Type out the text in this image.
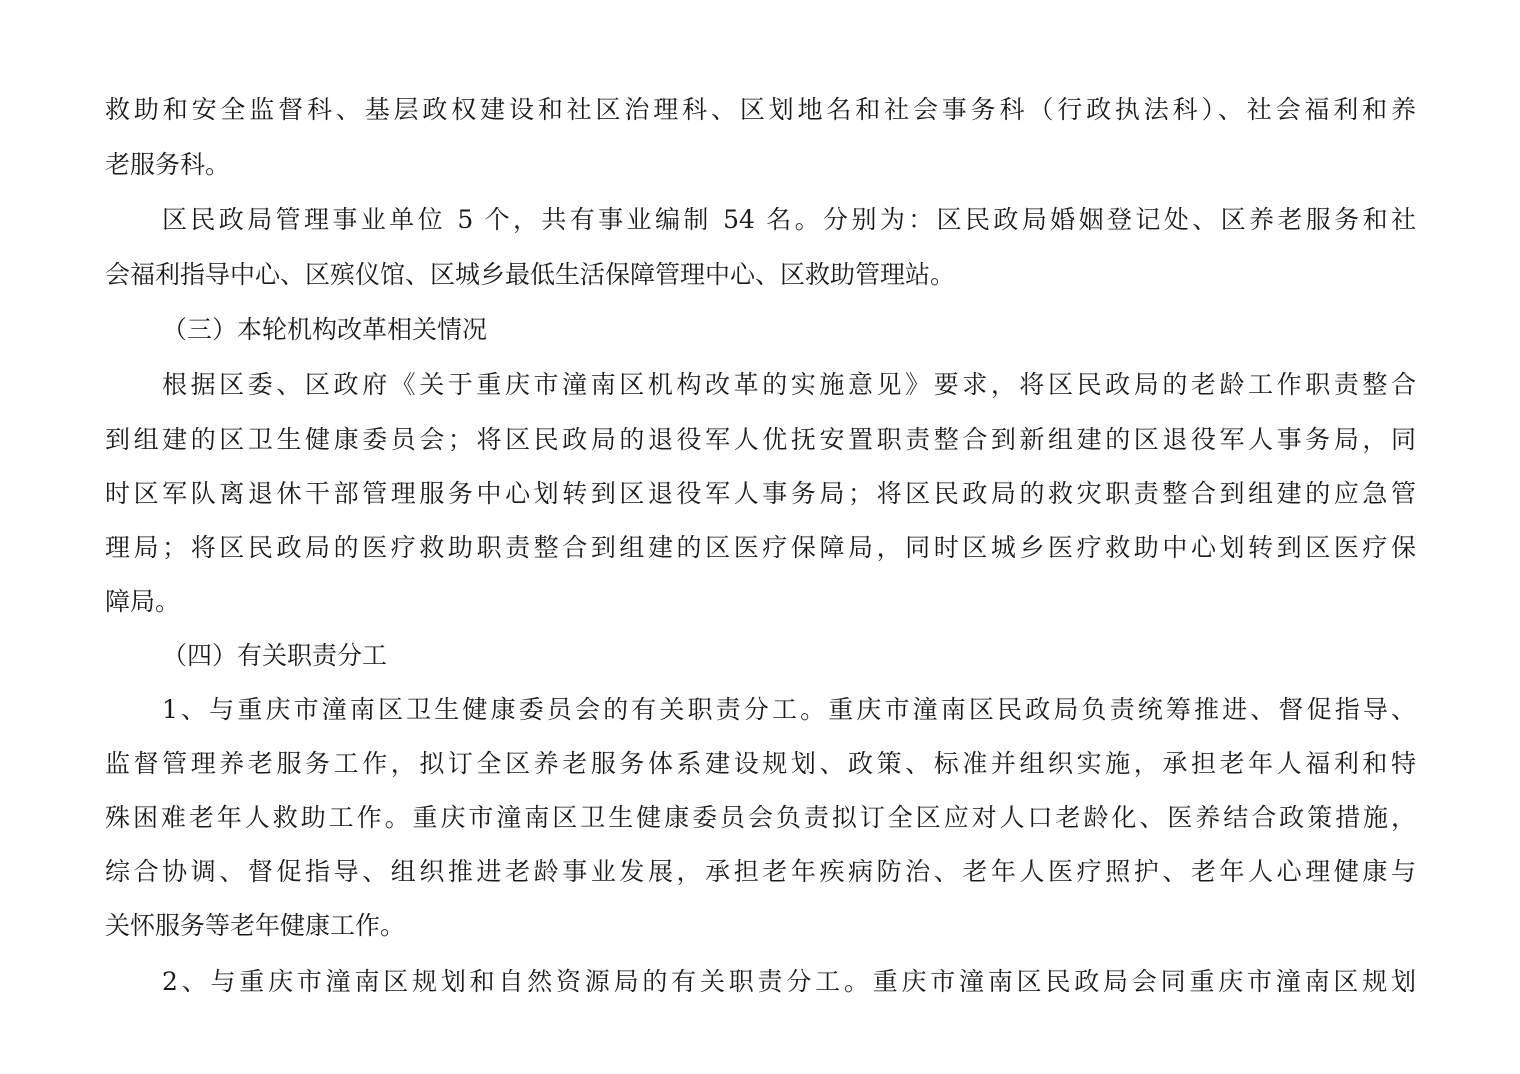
救助和安全监督科、基层政权建设和社区治理科、区划地名和社会事务科（行政执法科）、社会福利和养
老服务科。
区民政局管理事业单位 5 个，共有事业编制 54 名。分别为：区民政局婚姻登记处、区养老服务和社
会福利指导中心、区殡仪馆、区城乡最低生活保障管理中心、区救助管理站。
（三）本轮机构改革相关情况
根据区委、区政府《关于重庆市潼南区机构改革的实施意见》要求，将区民政局的老龄工作职责整合
到组建的区卫生健康委员会；将区民政局的退役军人优抚安置职责整合到新组建的区退役军人事务局，同
时区军队离退休干部管理服务中心划转到区退役军人事务局；将区民政局的救灾职责整合到组建的应急管
理局；将区民政局的医疗救助职责整合到组建的区医疗保障局，同时区城乡医疗救助中心划转到区医疗保
障局。
（四）有关职责分工
1、与重庆市潼南区卫生健康委员会的有关职责分工。重庆市潼南区民政局负责统筹推进、督促指导、
监督管理养老服务工作，拟订全区养老服务体系建设规划、政策、标准并组织实施，承担老年人福利和特
殊困难老年人救助工作。重庆市潼南区卫生健康委员会负责拟订全区应对人口老龄化、医养结合政策措施，
综合协调、督促指导、组织推进老龄事业发展，承担老年疾病防治、老年人医疗照护、老年人心理健康与
关怀服务等老年健康工作。
2、与重庆市潼南区规划和自然资源局的有关职责分工。重庆市潼南区民政局会同重庆市潼南区规划
